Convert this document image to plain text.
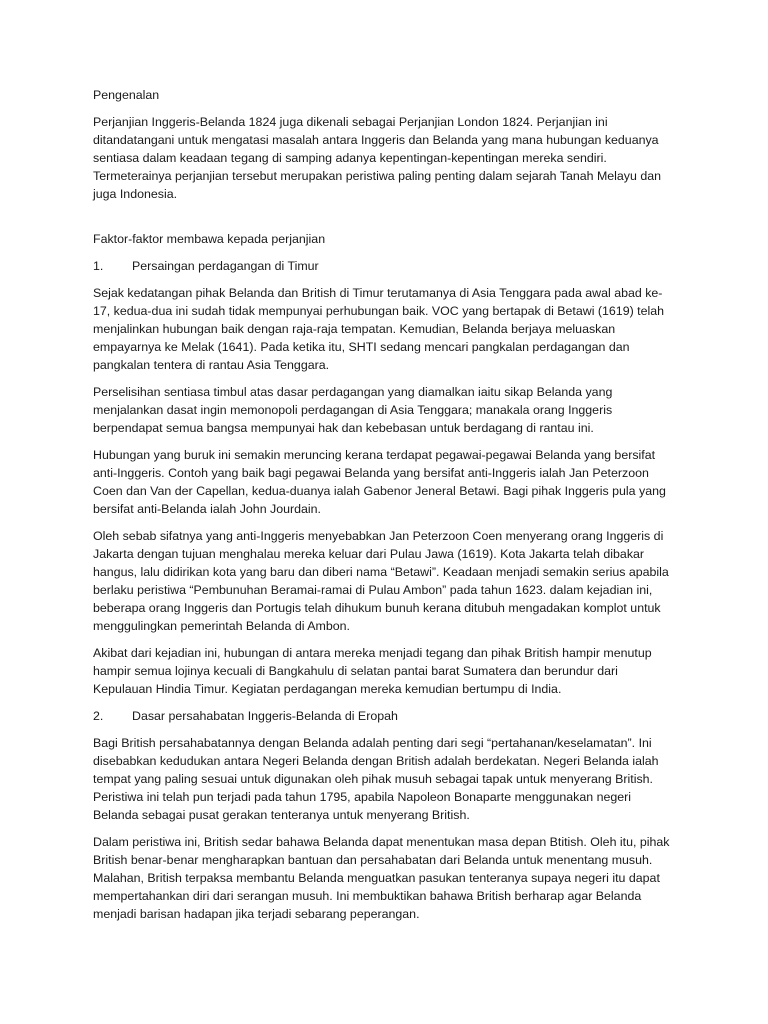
Pengenalan

Perjanjian Inggeris-Belanda 1824 juga dikenali sebagai Perjanjian London 1824. Perjanjian ini ditandatangani untuk mengatasi masalah antara Inggeris dan Belanda yang mana hubungan keduanya sentiasa dalam keadaan tegang di samping adanya kepentingan-kepentingan mereka sendiri. Termeterainya perjanjian tersebut merupakan peristiwa paling penting dalam sejarah Tanah Melayu dan juga Indonesia.

Faktor-faktor membawa kepada perjanjian

1.	Persaingan perdagangan di Timur

Sejak kedatangan pihak Belanda dan British di Timur terutamanya di Asia Tenggara pada awal abad ke-17, kedua-dua ini sudah tidak mempunyai perhubungan baik. VOC yang bertapak di Betawi (1619) telah menjalinkan hubungan baik dengan raja-raja tempatan. Kemudian, Belanda berjaya meluaskan empayarnya ke Melak (1641). Pada ketika itu, SHTI sedang mencari pangkalan perdagangan dan pangkalan tentera di rantau Asia Tenggara.

Perselisihan sentiasa timbul atas dasar perdagangan yang diamalkan iaitu sikap Belanda yang menjalankan dasat ingin memonopoli perdagangan di Asia Tenggara; manakala orang Inggeris berpendapat semua bangsa mempunyai hak dan kebebasan untuk berdagang di rantau ini.

Hubungan yang buruk ini semakin meruncing kerana terdapat pegawai-pegawai Belanda yang bersifat anti-Inggeris. Contoh yang baik bagi pegawai Belanda yang bersifat anti-Inggeris ialah Jan Peterzoon Coen dan Van der Capellan, kedua-duanya ialah Gabenor Jeneral Betawi. Bagi pihak Inggeris pula yang bersifat anti-Belanda ialah John Jourdain.

Oleh sebab sifatnya yang anti-Inggeris menyebabkan Jan Peterzoon Coen menyerang orang Inggeris di Jakarta dengan tujuan menghalau mereka keluar dari Pulau Jawa (1619). Kota Jakarta telah dibakar hangus, lalu didirikan kota yang baru dan diberi nama “Betawi”. Keadaan menjadi semakin serius apabila berlaku peristiwa “Pembunuhan Beramai-ramai di Pulau Ambon” pada tahun 1623. dalam kejadian ini, beberapa orang Inggeris dan Portugis telah dihukum bunuh kerana ditubuh mengadakan komplot untuk menggulingkan pemerintah Belanda di Ambon.

Akibat dari kejadian ini, hubungan di antara mereka menjadi tegang dan pihak British hampir menutup hampir semua lojinya kecuali di Bangkahulu di selatan pantai barat Sumatera dan berundur dari Kepulauan Hindia Timur. Kegiatan perdagangan mereka kemudian bertumpu di India.

2.	Dasar persahabatan Inggeris-Belanda di Eropah

Bagi British persahabatannya dengan Belanda adalah penting dari segi “pertahanan/keselamatan”. Ini disebabkan kedudukan antara Negeri Belanda dengan British adalah berdekatan. Negeri Belanda ialah tempat yang paling sesuai untuk digunakan oleh pihak musuh sebagai tapak untuk menyerang British. Peristiwa ini telah pun terjadi pada tahun 1795, apabila Napoleon Bonaparte menggunakan negeri Belanda sebagai pusat gerakan tenteranya untuk menyerang British.

Dalam peristiwa ini, British sedar bahawa Belanda dapat menentukan masa depan Btitish. Oleh itu, pihak British benar-benar mengharapkan bantuan dan persahabatan dari Belanda untuk menentang musuh. Malahan, British terpaksa membantu Belanda menguatkan pasukan tenteranya supaya negeri itu dapat mempertahankan diri dari serangan musuh. Ini membuktikan bahawa British berharap agar Belanda menjadi barisan hadapan jika terjadi sebarang peperangan.
